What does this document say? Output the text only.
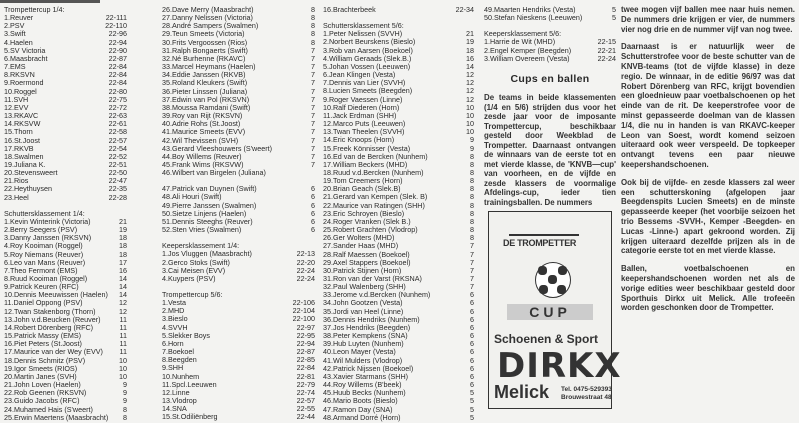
Trompettercup 1/4:
1.Reuver	22-111
2.PSV	22-110
3.Swift	22-96
4.Haelen	22-94
5.SV Victoria	22-90
6.Maasbracht	22-87
7.EMS	22-84
8.RKSVN	22-84
9.Roermond	22-84
10.Roggel	22-80
11.SVH	22-75
12.EVV	22-72
13.RKAVC	22-63
14.RKSVW	22-61
15.Thorn	22-58
16.St.Joost	22-57
17.RKVB	22-54
18.Swalmen	22-52
19.Juliana K.	22-51
20.Stevensweert	22-50
21.Rios	22-47
22.Heythuysen	22-35
23.Heel	22-28
Schuttersklassement 1/4:
1.Kevin Winterink (Victoria)	21
2.Berry Seegers (PSV)	19
3.Danny Janssen (RKSVN)	18
4.Roy Kooiman (Roggel)	18
5.Roy Niemans (Reuver)	18
6.Leo van Mans (Reuver)	17
7.Theo Fermont (EMS)	16
8.Ruud Kooiman (Roggel)	14
9.Patrick Keuren (RFC)	14
10.Dennis Meeuwissen (Haelen) 14
11.Daniel Oppong (PSV)	12
12.Twan Stakenborg (Thorn)	12
13.John v.d.Beucken (Reuver)	11
14.Robert Dörenberg (RFC)	11
15.Patrick Massy (EMS)	11
16.Piet Peters (St.Joost)	11
17.Maurice van der Wey (EVV) 11
18.Dennis Schmitz (PSV)	10
19.Igor Smeets (RIOS)	10
20.Martin Janes (SVH)	10
21.John Loven (Haelen)	9
22.Rob Geenen (RKSVN)	9
23.Guido Jacobs (RFC)	9
24.Muhamed Hais (S'weert)	8
25.Erwin Maertens (Maasbracht) 8
26.Dave Merry (Maasbracht)	8
27.Danny Nelissen (Victoria)	8
28.André Sampers (Swalmen)	8
29.Teun Smeets (Victoria)	8
30.Frits Vergoossen (Rios)	8
31.Ralph Bongaerts (Swift)	7
32.Né Burhenne (RKAVC)	7
33.Marcel Heymans (Haelen)	7
34.Eddie Janssen (RKVB)	7
35.Roland Kleukers (Swift)	7
36.Pieter Linssen (Juliana)	7
37.Edwin van Pol (RKSVN)	7
38.Moussa Ramdani (Swift)	7
39.Roy van Rijt (RKSVN)	7
40.Adrie Rohs (St.Joost)	7
41.Maurice Smeets (EVV)	7
42.Wil Thevissen (SVH)	7
43.Gerard Vleeshouwers (S'weert)	7
44.Boy Willems (Reuver)	7
45.Frank Wims (RKSVW)	7
46.Wilbert van Birgelen (Juliana)
47.Patrick van Duynen (Swift)	6
48.Ali Houri (Swift)	6
49.Pierre Janssen (Swalmen)	6
50.Sietze Linjens (Haelen)	6
51.Dennis Steeghs (Reuver)	6
52.Sten Vries (Swalmen)	6
Keepersklassement 1/4:
1.Jos Vluggen (Maasbracht)	22-13
2.Gerco Stoks (Swift)	22-20
3.Cai Meisen (EVV)	22-24
4.Kuypers (PSV)	22-24
Trompettercup 5/6:
1.Vesta	22-106
2.MHD	22-104
3.Bieslo	22-100
4.SVVH	22-97
5.Slekker Boys	22-95
6.Horn	22-94
7.Boekoel	22-87
8.Beegden	22-85
9.SHH	22-84
10.Nunhem	22-81
11.Spcl.Leeuwen	22-79
12.Linne	22-74
13.Vlodrop	22-57
14.SNA	22-55
15.St.Odiliënberg	22-44
16.Brachterbeek	22-34
Schuttersklassement 5/6:
1.Peter Nelissen (SVVH)	21
2.Norbert Beurskens (Bieslo)	19
3.Rob van Aarsen (Boekoel)	18
4.William Geraads (Slek.B.)	16
5.Johan Vossen (Leeuwen)	14
6.Jean Klingen (Vesta)	12
7.Dennis van Lier (SVVH)	12
8.Lucien Smeets (Beegden)	12
9.Roger Vaessen (Linne)	12
10.Ralf Diederen (Horn)	10
11.Jack Erdman (SHH)	10
12.Marco Puts (Leeuwen)	10
13.Twan Theelen (SVVH)	10
14.Eric Knoops (Horn)	9
15.Freek Könnisser (Vesta)	9
16.Ed van de Bercken (Nunhem)	8
17.William Beckers (MHD)	8
18.Ruud v.d.Bercken (Nunhem)	8
19.Tom Creemers (Horn)	8
20.Brian Geach (Slek.B)	8
21.Gerard van Kempen (Slek. B)	8
22.Maurice van Ratingen (SHH)	8
23.Eric Schroyen (Bieslo)	8
24.Roger Vranken (Slek B.)	8
25.Robert Grachten (Vlodrop)	8
26.Ger Wolters (MHD)	8
27.Sander Haas (MHD)	7
28.Ralf Maessen (Boekoel)	7
29.Axel Stappers (Boekoel)	7
30.Patrick Stijnen (Horn)	7
31.Ron van der Varst (RKSNA)	7
32.Paul Walenberg (SHH)	7
33.Jerome v.d.Bercken (Nunhem)	6
34.John Gootzen (Vesta)	6
35.Jordi van Heel (Linne)	6
36.Dennis Hendriks (Nunhem)	6
37.Jos Hendriks (Beegden)	6
38.Peter Kempkens (SNA)	6
39.Hub Luyten (Nunhem)	6
40.Leon Mayer (Vesta)	6
41.Wil Mulders (Vlodrop)	6
42.Patrick Nijssen (Boekoel)	6
43.Xavier Starmans (SHH)	6
44.Roy Willems (B'beek)	6
45.Huub Becks (Nunhem)	5
46.Mario Boots (Bieslo)	5
47.Ramon Day (SNA)	5
48.Armand Dorré (Horn)	5
49.Maarten Hendriks (Vesta)	5
50.Stefan Nieskens (Leeuwen)	5
Keepersklassement 5/6:
1.Harrie de Wit (MHD)	22-15
2.Engel Kemper (Beegden)	22-21
3.William Overeem (Vesta)	22-24
Cups en ballen
De teams in beide klassementen (1/4 en 5/6) strijden dus voor het zesde jaar voor de imposante Trompettercup, beschikbaar gesteld door Weekblad de Trompetter. Daarnaast ontvangen de winnaars van de eerste tot en met vierde klasse, de 'KNVB—cup' van voorheen, en de vijfde en zesde klassers de voormalige Afdelings-cup, ieder tien trainingsballen. De nummers
DE TROMPETTER
CUP
Schoenen & Sport
DIRKX
Melick Tel. 0475-529393
Brouwestraat 48

twee mogen vijf ballen mee naar huis nemen. De nummers drie krijgen er vier, de nummers vier nog drie en de nummer vijf van nog twee.

Daarnaast is er natuurlijk weer de Schutterstrofee voor de beste schutter van de KNVB-teams (tot de vijfde klasse) in deze regio. De winnaar, in de editie 96/97 was dat Robert Dörenberg van RFC, krijgt bovendien een gloednieuw paar voetbalschoenen op het einde van de rit. De keeperstrofee voor de minst gepasseerde doelman van de klassen 1/4, die nu in handen is van RKAVC-keeper Leon van Soest, wordt komend seizoen uiteraard ook weer verspeeld. De topkeeper ontvangt tevens een paar nieuwe keepershandschoenen.

Ook bij de vijfde- en zesde klassers zal weer een schutterskoning (afgelopen jaar Beegdenspits Lucien Smeets) en de minste gepasseerde keeper (het voorbije seizoen het trio Bessems -SVVH-, Kemper -Beegden- en Lucas -Linne-) apart gekroond worden. Zij krijgen uiteraard dezelfde prijzen als in de categorie eerste tot en met vierde klasse.

Ballen, voetbalschoenen en keepershandschoenen worden net als de vorige edities weer beschikbaar gesteld door Sporthuis Dirkx uit Melick. Alle trofeeën worden geschonken door de Trompetter.
